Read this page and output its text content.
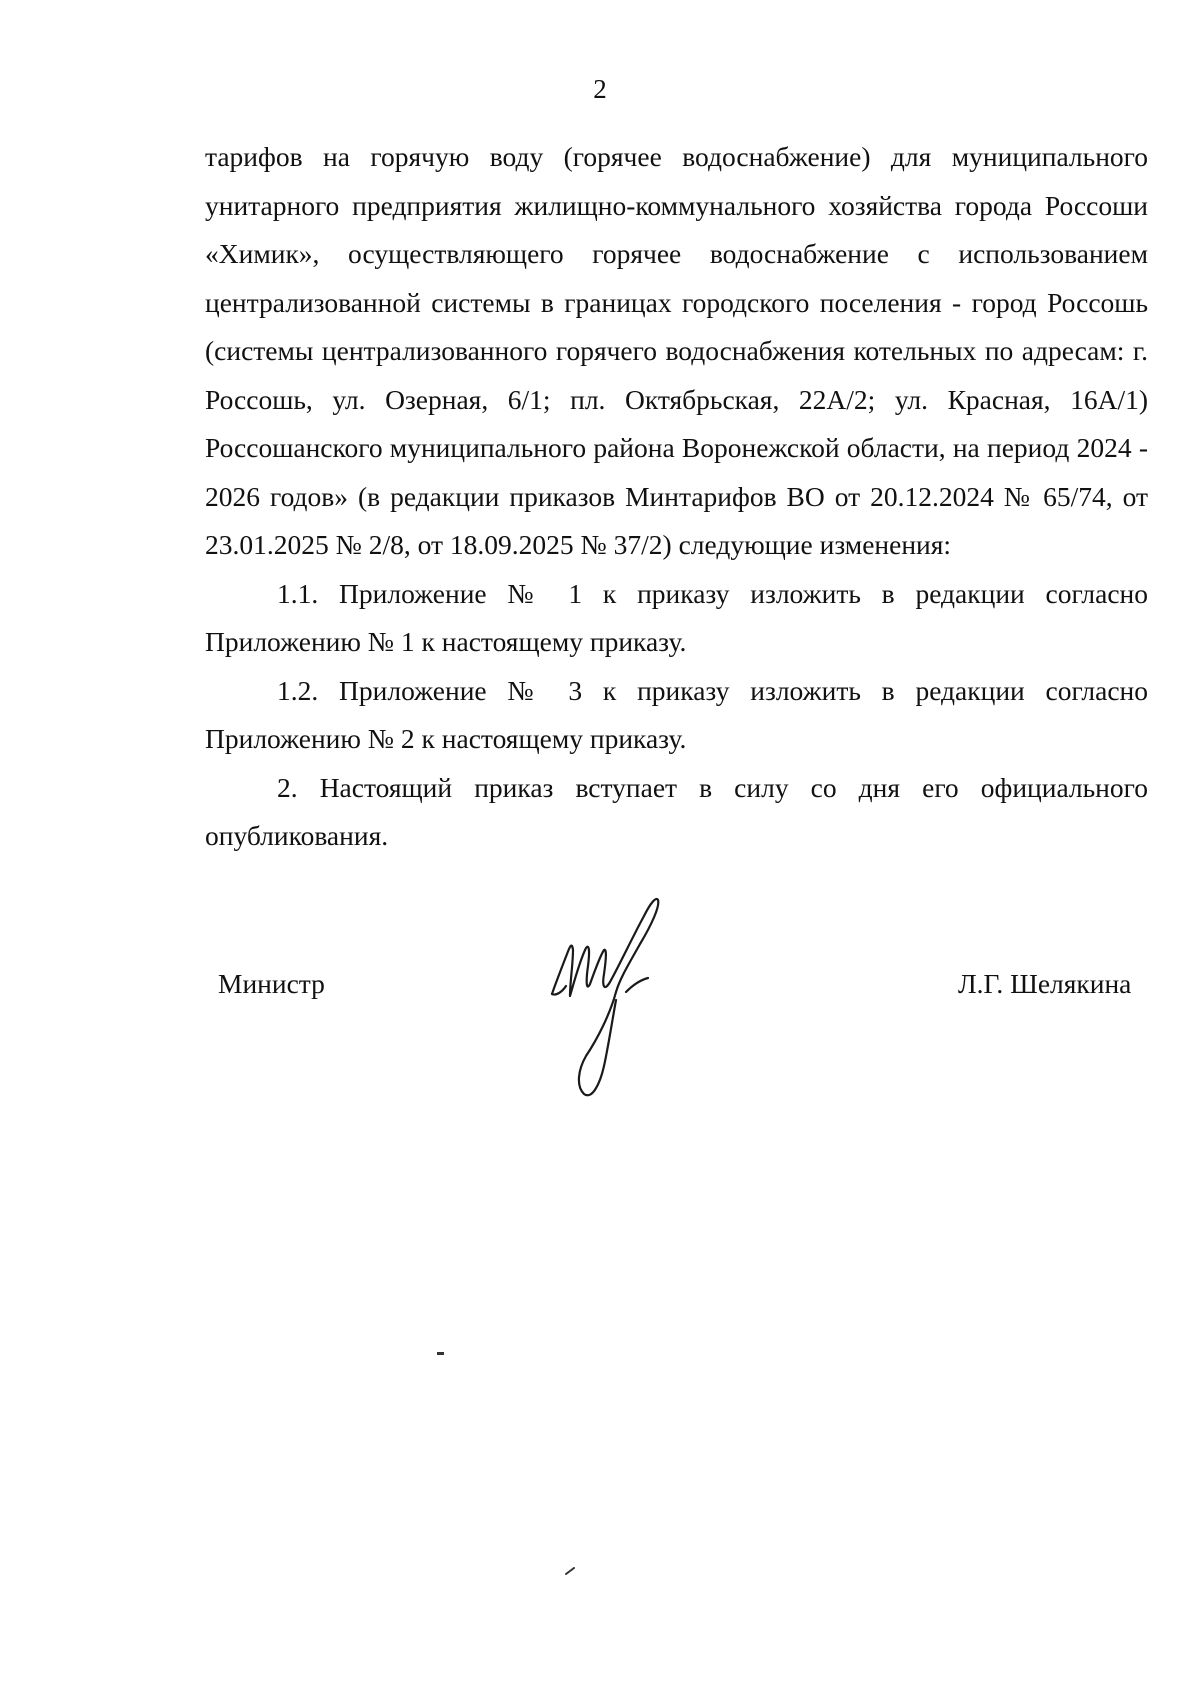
2

тарифов на горячую воду (горячее водоснабжение) для муниципального унитарного предприятия жилищно-коммунального хозяйства города Россоши «Химик», осуществляющего горячее водоснабжение с использованием централизованной системы в границах городского поселения - город Россошь (системы централизованного горячего водоснабжения котельных по адресам: г. Россошь, ул. Озерная, 6/1; пл. Октябрьская, 22А/2; ул. Красная, 16А/1) Россошанского муниципального района Воронежской области, на период 2024 - 2026 годов» (в редакции приказов Минтарифов ВО от 20.12.2024 № 65/74, от 23.01.2025 № 2/8, от 18.09.2025 № 37/2) следующие изменения:

1.1. Приложение № 1 к приказу изложить в редакции согласно Приложению № 1 к настоящему приказу.

1.2. Приложение № 3 к приказу изложить в редакции согласно Приложению № 2 к настоящему приказу.

2. Настоящий приказ вступает в силу со дня его официального опубликования.

Министр	Л.Г. Шелякина
